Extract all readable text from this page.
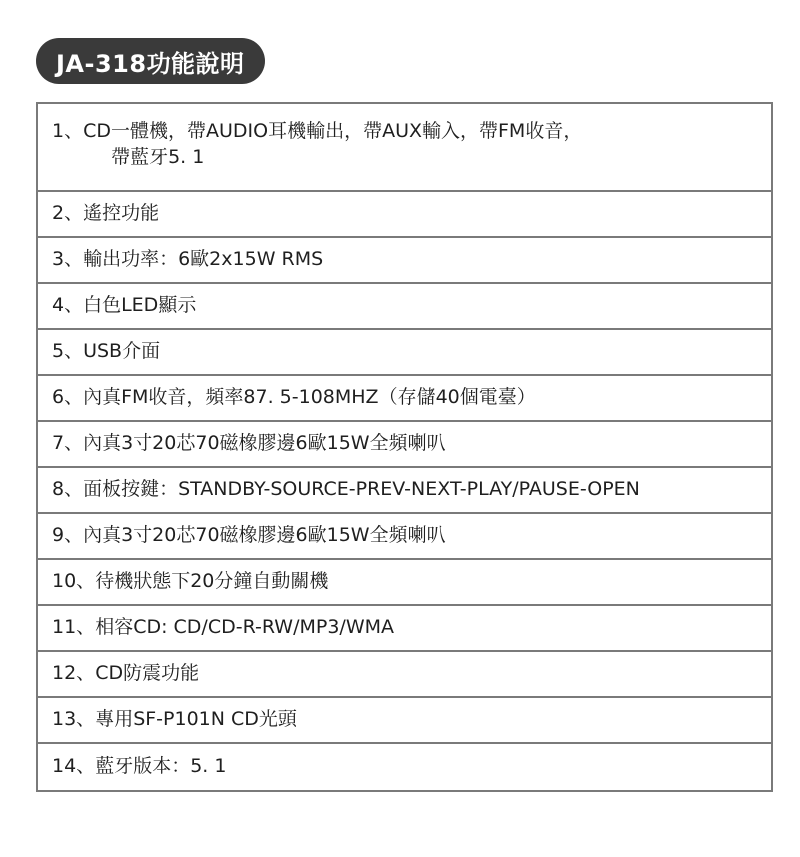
JA-318功能說明
1、 CD一體機，帶AUDIO耳機輸出，帶AUX輸入，帶FM收音，
帶藍牙5. 1
2、 遙控功能
3、 輸出功率：6歐2x15W RMS
4、 白色LED顯示
5、 USB介面
6、 內真FM收音，頻率87. 5-108MHZ（存儲40個電臺）
7、 內真3寸20芯70磁橡膠邊6歐15W全頻喇叭
8、 面板按鍵：STANDBY-SOURCE-PREV-NEXT-PLAY/PAUSE-OPEN
9、 內真3寸20芯70磁橡膠邊6歐15W全頻喇叭
10、 待機狀態下20分鐘自動關機
11、 相容CD: CD/CD-R-RW/MP3/WMA
12、 CD防震功能
13、 專用SF-P101N CD光頭
14、 藍牙版本：5. 1
